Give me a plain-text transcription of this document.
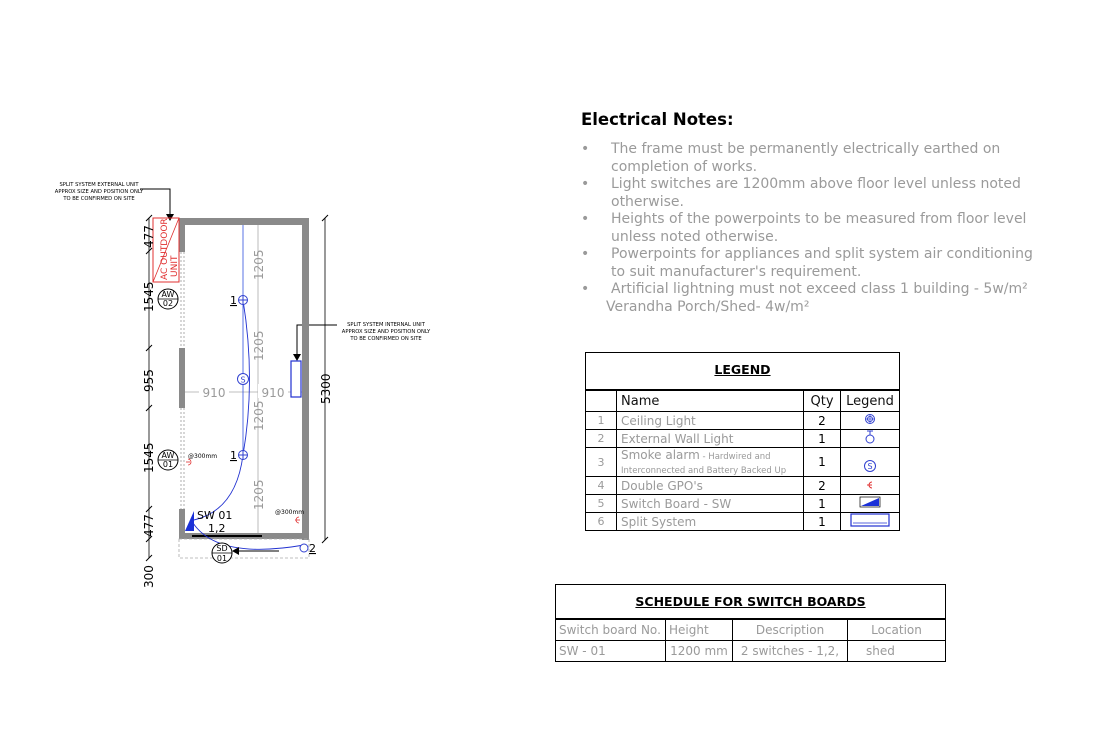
SPLIT SYSTEM EXTERNAL UNIT
APPROX SIZE AND POSITION ONLY
TO BE CONFIRMED ON SITE
SPLIT SYSTEM INTERNAL UNIT
APPROX SIZE AND POSITION ONLY
TO BE CONFIRMED ON SITE
AC OUTDOOR UNIT
477
1545
955
1545
477
300
5300
AW
02
AW
01
1205
1205
1205
1205
910	910
1
1
S
@300mm
@300mm
SW 01
1,2
SD
01
2
Electrical Notes:
• The frame must be permanently electrically earthed on completion of works.
• Light switches are 1200mm above floor level unless noted otherwise.
• Heights of the powerpoints to be measured from floor level unless noted otherwise.
• Powerpoints for appliances and split system air conditioning to suit manufacturer's requirement.
• Artificial lightning must not exceed class 1 building - 5w/m²
Verandha Porch/Shed- 4w/m²
LEGEND
	Name	Qty	Legend
1	Ceiling Light	2	
2	External Wall Light	1	
3	Smoke alarm - Hardwired and Interconnected and Battery Backed Up	1	S

4	Double GPO's	2	
5	Switch Board - SW	1	
6	Split System	1	
SCHEDULE FOR SWITCH BOARDS
Switch board No.	Height	Description	Location
SW - 01	1200 mm	2 switches - 1,2,	shed
